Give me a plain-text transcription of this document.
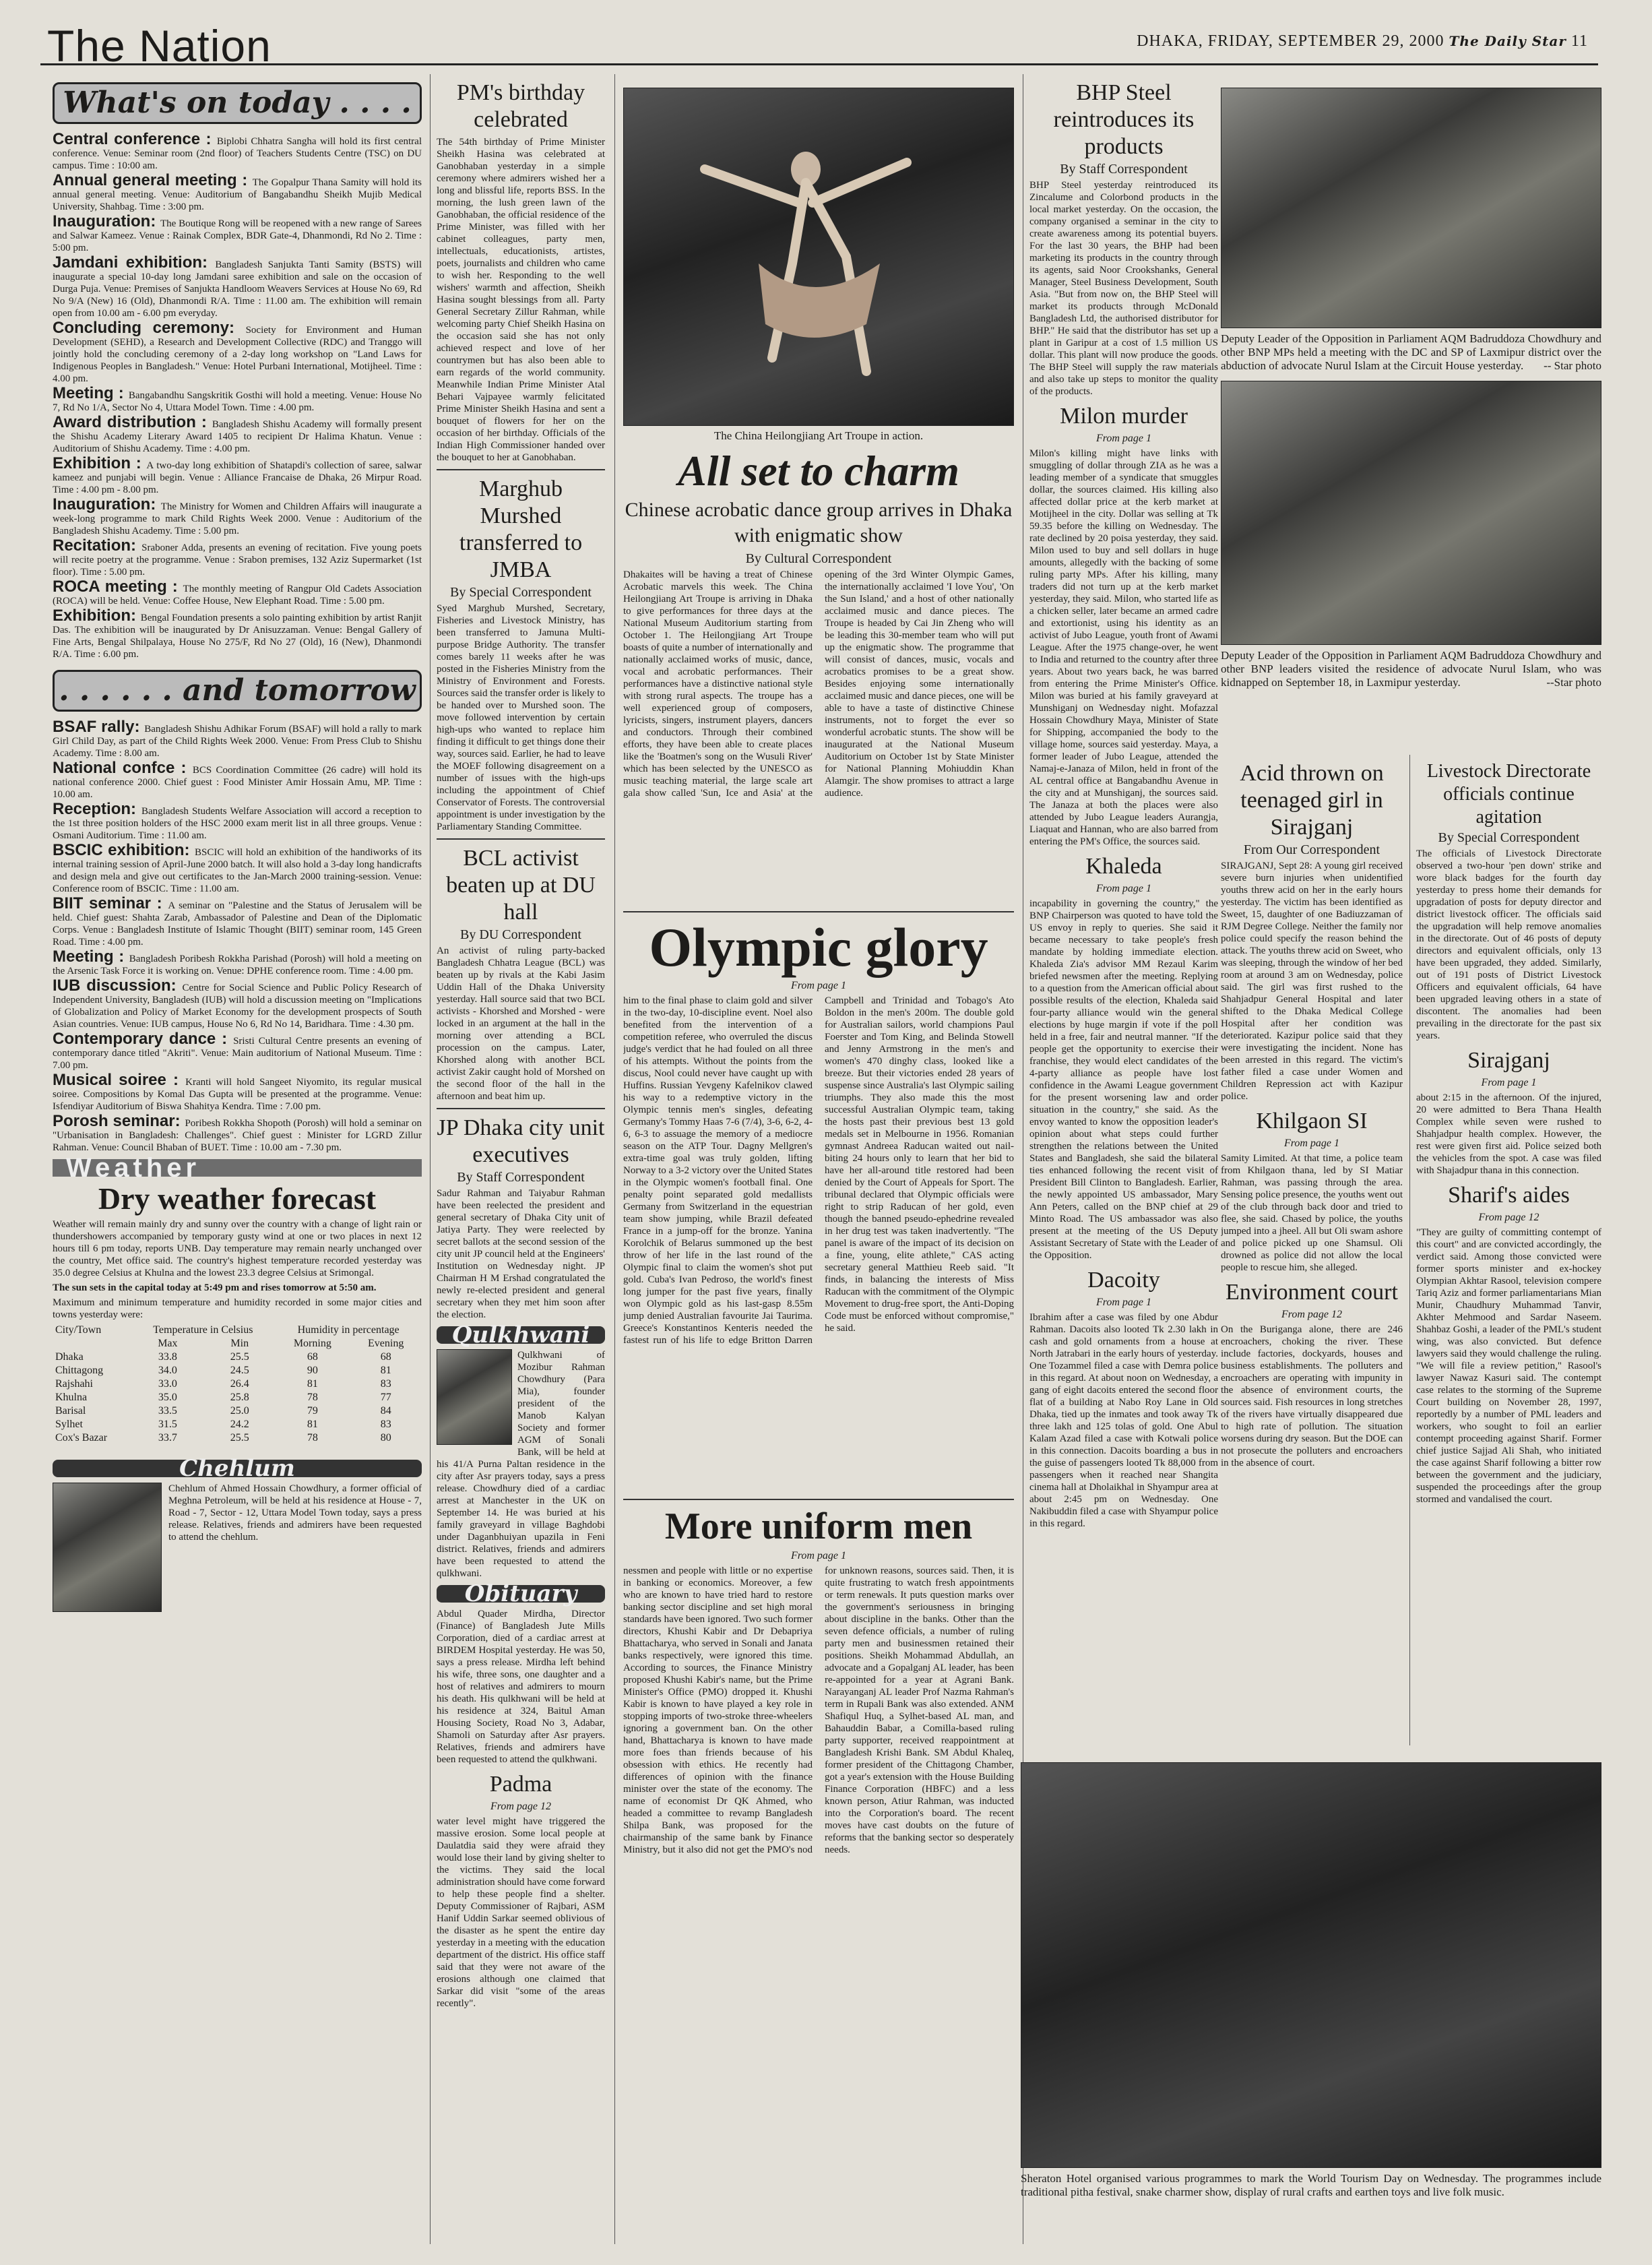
The Nation	DHAKA, FRIDAY, SEPTEMBER 29, 2000 The Daily Star 11
What's on today . . . .

Central conference : Biplobi Chhatra Sangha will hold its first central conference. Venue: Seminar room (2nd floor) of Teachers Students Centre (TSC) on DU campus. Time : 10:00 am.

Annual general meeting : The Gopalpur Thana Samity will hold its annual general meeting. Venue: Auditorium of Bangabandhu Sheikh Mujib Medical University, Shahbag. Time : 3:00 pm.

Inauguration: The Boutique Rong will be reopened with a new range of Sarees and Salwar Kameez. Venue : Rainak Complex, BDR Gate-4, Dhanmondi, Rd No 2. Time : 5:00 pm.

Jamdani exhibition: Bangladesh Sanjukta Tanti Samity (BSTS) will inaugurate a special 10-day long Jamdani saree exhibition and sale on the occasion of Durga Puja. Venue: Premises of Sanjukta Handloom Weavers Services at House No 69, Rd No 9/A (New) 16 (Old), Dhanmondi R/A. Time : 11.00 am. The exhibition will remain open from 10.00 am - 6.00 pm everyday.

Concluding ceremony: Society for Environment and Human Development (SEHD), a Research and Development Collective (RDC) and Tranggo will jointly hold the concluding ceremony of a 2-day long workshop on "Land Laws for Indigenous Peoples in Bangladesh." Venue: Hotel Purbani International, Motijheel. Time : 4.00 pm.

Meeting : Bangabandhu Sangskritik Gosthi will hold a meeting. Venue: House No 7, Rd No 1/A, Sector No 4, Uttara Model Town. Time : 4.00 pm.

Award distribution : Bangladesh Shishu Academy will formally present the Shishu Academy Literary Award 1405 to recipient Dr Halima Khatun. Venue : Auditorium of Shishu Academy. Time : 4.00 pm.

Exhibition : A two-day long exhibition of Shatapdi's collection of saree, salwar kameez and punjabi will begin. Venue : Alliance Francaise de Dhaka, 26 Mirpur Road. Time : 4.00 pm - 8.00 pm.

Inauguration: The Ministry for Women and Children Affairs will inaugurate a week-long programme to mark Child Rights Week 2000. Venue : Auditorium of the Bangladesh Shishu Academy. Time : 5.00 pm.

Recitation: Sraboner Adda, presents an evening of recitation. Five young poets will recite poetry at the programme. Venue : Srabon premises, 132 Aziz Supermarket (1st floor). Time : 5.00 pm.

ROCA meeting : The monthly meeting of Rangpur Old Cadets Association (ROCA) will be held. Venue: Coffee House, New Elephant Road. Time : 5.00 pm.

Exhibition: Bengal Foundation presents a solo painting exhibition by artist Ranjit Das. The exhibition will be inaugurated by Dr Anisuzzaman. Venue: Bengal Gallery of Fine Arts, Bengal Shilpalaya, House No 275/F, Rd No 27 (Old), 16 (New), Dhanmondi R/A. Time : 6.00 pm.

. . . . . . and tomorrow

BSAF rally: Bangladesh Shishu Adhikar Forum (BSAF) will hold a rally to mark Girl Child Day, as part of the Child Rights Week 2000. Venue: From Press Club to Shishu Academy. Time : 8.00 am.

National confce : BCS Coordination Committee (26 cadre) will hold its national conference 2000. Chief guest : Food Minister Amir Hossain Amu, MP. Time : 10.00 am.

Reception: Bangladesh Students Welfare Association will accord a reception to the 1st three position holders of the HSC 2000 exam merit list in all three groups. Venue : Osmani Auditorium. Time : 11.00 am.

BSCIC exhibition: BSCIC will hold an exhibition of the handiworks of its internal training session of April-June 2000 batch. It will also hold a 3-day long handicrafts and design mela and give out certificates to the Jan-March 2000 training-session. Venue: Conference room of BSCIC. Time : 11.00 am.

BIIT seminar : A seminar on "Palestine and the Status of Jerusalem will be held. Chief guest: Shahta Zarab, Ambassador of Palestine and Dean of the Diplomatic Corps. Venue : Bangladesh Institute of Islamic Thought (BIIT) seminar room, 145 Green Road. Time : 4.00 pm.

Meeting : Bangladesh Poribesh Rokkha Parishad (Porosh) will hold a meeting on the Arsenic Task Force it is working on. Venue: DPHE conference room. Time : 4.00 pm.

IUB discussion: Centre for Social Science and Public Policy Research of Independent University, Bangladesh (IUB) will hold a discussion meeting on "Implications of Globalization and Policy of Market Economy for the development prospects of South Asian countries. Venue: IUB campus, House No 6, Rd No 14, Baridhara. Time : 4.30 pm.

Contemporary dance : Sristi Cultural Centre presents an evening of contemporary dance titled "Akriti". Venue: Main auditorium of National Museum. Time : 7.00 pm.

Musical soiree : Kranti will hold Sangeet Niyomito, its regular musical soiree. Compositions by Komal Das Gupta will be presented at the programme. Venue: Isfendiyar Auditorium of Biswa Shahitya Kendra. Time : 7.00 pm.

Porosh seminar: Poribesh Rokkha Shopoth (Porosh) will hold a seminar on "Urbanisation in Bangladesh: Challenges". Chief guest : Minister for LGRD Zillur Rahman. Venue: Council Bhaban of BUET. Time : 10.00 am - 7.30 pm.

Weather
Dry weather forecast

Weather will remain mainly dry and sunny over the country with a change of light rain or thundershowers accompanied by temporary gusty wind at one or two places in next 12 hours till 6 pm today, reports UNB. Day temperature may remain nearly unchanged over the country, Met office said. The country's highest temperature recorded yesterday was 35.0 degree Celsius at Khulna and the lowest 23.3 degree Celsius at Srimongal.

The sun sets in the capital today at 5:49 pm and rises tomorrow at 5:50 am.

Maximum and minimum temperature and humidity recorded in some major cities and towns yesterday were:

City/Town	Temperature in Celsius		Humidity in percentage	
	Max	Min	Morning	Evening
Dhaka	33.8	25.5	68	68
Chittagong	34.0	24.5	90	81
Rajshahi	33.0	26.4	81	83
Khulna	35.0	25.8	78	77
Barisal	33.5	25.0	79	84
Sylhet	31.5	24.2	81	83
Cox's Bazar	33.7	25.5	78	80
Chehlum

Chehlum of Ahmed Hossain Chowdhury, a former official of Meghna Petroleum, will be held at his residence at House - 7, Road - 7, Sector - 12, Uttara Model Town today, says a press release. Relatives, friends and admirers have been requested to attend the chehlum.

PM's birthday celebrated

The 54th birthday of Prime Minister Sheikh Hasina was celebrated at Ganobhaban yesterday in a simple ceremony where admirers wished her a long and blissful life, reports BSS. In the morning, the lush green lawn of the Ganobhaban, the official residence of the Prime Minister, was filled with her cabinet colleagues, party men, intellectuals, educationists, artistes, poets, journalists and children who came to wish her. Responding to the well wishers' warmth and affection, Sheikh Hasina sought blessings from all. Party General Secretary Zillur Rahman, while welcoming party Chief Sheikh Hasina on the occasion said she has not only achieved respect and love of her countrymen but has also been able to earn regards of the world community. Meanwhile Indian Prime Minister Atal Behari Vajpayee warmly felicitated Prime Minister Sheikh Hasina and sent a bouquet of flowers for her on the occasion of her birthday. Officials of the Indian High Commissioner handed over the bouquet to her at Ganobhaban.

Marghub Murshed transferred to JMBA
By Special Correspondent

Syed Marghub Murshed, Secretary, Fisheries and Livestock Ministry, has been transferred to Jamuna Multi-purpose Bridge Authority. The transfer comes barely 11 weeks after he was posted in the Fisheries Ministry from the Ministry of Environment and Forests. Sources said the transfer order is likely to be handed over to Murshed soon. The move followed intervention by certain high-ups who wanted to replace him finding it difficult to get things done their way, sources said. Earlier, he had to leave the MOEF following disagreement on a number of issues with the high-ups including the appointment of Chief Conservator of Forests. The controversial appointment is under investigation by the Parliamentary Standing Committee.

BCL activist beaten up at DU hall
By DU Correspondent

An activist of ruling party-backed Bangladesh Chhatra League (BCL) was beaten up by rivals at the Kabi Jasim Uddin Hall of the Dhaka University yesterday. Hall source said that two BCL activists - Khorshed and Morshed - were locked in an argument at the hall in the morning over attending a BCL procession on the campus. Later, Khorshed along with another BCL activist Zakir caught hold of Morshed on the second floor of the hall in the afternoon and beat him up.

JP Dhaka city unit executives
By Staff Correspondent

Sadur Rahman and Taiyabur Rahman have been reelected the president and general secretary of Dhaka City unit of Jatiya Party. They were reelected by secret ballots at the second session of the city unit JP council held at the Engineers' Institution on Wednesday night. JP Chairman H M Ershad congratulated the newly re-elected president and general secretary when they met him soon after the election.

Qulkhwani

Qulkhwani of Mozibur Rahman Chowdhury (Para Mia), founder president of the Manob Kalyan Society and former AGM of Sonali Bank, will be held at his 41/A Purna Paltan residence in the city after Asr prayers today, says a press release. Chowdhury died of a cardiac arrest at Manchester in the UK on September 14. He was buried at his family graveyard in village Baghdobi under Daganbhuiyan upazila in Feni district. Relatives, friends and admirers have been requested to attend the qulkhwani.

Obituary

Abdul Quader Mirdha, Director (Finance) of Bangladesh Jute Mills Corporation, died of a cardiac arrest at BIRDEM Hospital yesterday. He was 50, says a press release. Mirdha left behind his wife, three sons, one daughter and a host of relatives and admirers to mourn his death. His qulkhwani will be held at his residence at 324, Baitul Aman Housing Society, Road No 3, Adabar, Shamoli on Saturday after Asr prayers. Relatives, friends and admirers have been requested to attend the qulkhwani.

Padma
From page 12

water level might have triggered the massive erosion. Some local people at Daulatdia said they were afraid they would lose their land by giving shelter to the victims. They said the local administration should have come forward to help these people find a shelter. Deputy Commissioner of Rajbari, ASM Hanif Uddin Sarkar seemed oblivious of the disaster as he spent the entire day yesterday in a meeting with the education department of the district. His office staff said that they were not aware of the erosions although one claimed that Sarkar did visit "some of the areas recently".

The China Heilongjiang Art Troupe in action.
All set to charm
Chinese acrobatic dance group arrives in Dhaka with enigmatic show
By Cultural Correspondent

Dhakaites will be having a treat of Chinese Acrobatic marvels this week. The China Heilongjiang Art Troupe is arriving in Dhaka to give performances for three days at the National Museum Auditorium starting from October 1. The Heilongjiang Art Troupe boasts of quite a number of internationally and nationally acclaimed works of music, dance, vocal and acrobatic performances. Their performances have a distinctive national style with strong rural aspects. The troupe has a well experienced group of composers, lyricists, singers, instrument players, dancers and conductors. Through their combined efforts, they have been able to create places like the 'Boatmen's song on the Wusuli River' which has been selected by the UNESCO as music teaching material, the large scale art gala show called 'Sun, Ice and Asia' at the opening of the 3rd Winter Olympic Games, the internationally acclaimed 'I love You', 'On the Sun Island,' and a host of other nationally acclaimed music and dance pieces. The Troupe is headed by Cai Jin Zheng who will be leading this 30-member team who will put up the enigmatic show. The programme that will consist of dances, music, vocals and acrobatics promises to be a great show. Besides enjoying some internationally acclaimed music and dance pieces, one will be able to have a taste of distinctive Chinese instruments, not to forget the ever so wonderful acrobatic stunts. The show will be inaugurated at the National Museum Auditorium on October 1st by State Minister for National Planning Mohiuddin Khan Alamgir. The show promises to attract a large audience.

Olympic glory
From page 1

him to the final phase to claim gold and silver in the two-day, 10-discipline event. Noel also benefited from the intervention of a competition referee, who overruled the discus judge's verdict that he had fouled on all three of his attempts. Without the points from the discus, Nool could never have caught up with Huffins. Russian Yevgeny Kafelnikov clawed his way to a redemptive victory in the Olympic tennis men's singles, defeating Germany's Tommy Haas 7-6 (7/4), 3-6, 6-2, 4-6, 6-3 to assuage the memory of a mediocre season on the ATP Tour. Dagny Mellgren's extra-time goal was truly golden, lifting Norway to a 3-2 victory over the United States in the Olympic women's football final. One penalty point separated gold medallists Germany from Switzerland in the equestrian team show jumping, while Brazil defeated France in a jump-off for the bronze. Yanina Korolchik of Belarus summoned up the best throw of her life in the last round of the Olympic final to claim the women's shot put gold. Cuba's Ivan Pedroso, the world's finest long jumper for the past five years, finally won Olympic gold as his last-gasp 8.55m jump denied Australian favourite Jai Taurima. Greece's Konstantinos Kenteris needed the fastest run of his life to edge Britton Darren Campbell and Trinidad and Tobago's Ato Boldon in the men's 200m. The double gold for Australian sailors, world champions Paul Foerster and Tom King, and Belinda Stowell and Jenny Armstrong in the men's and women's 470 dinghy class, looked like a breeze. But their victories ended 28 years of suspense since Australia's last Olympic sailing triumphs. They also made this the most successful Australian Olympic team, taking the hosts past their previous best 13 gold medals set in Melbourne in 1956. Romanian gymnast Andreea Raducan waited out nail-biting 24 hours only to learn that her bid to have her all-around title restored had been denied by the Court of Appeals for Sport. The tribunal declared that Olympic officials were right to strip Raducan of her gold, even though the banned pseudo-ephedrine revealed in her drug test was taken inadvertently. "The panel is aware of the impact of its decision on a fine, young, elite athlete," CAS acting secretary general Matthieu Reeb said. "It finds, in balancing the interests of Miss Raducan with the commitment of the Olympic Movement to drug-free sport, the Anti-Doping Code must be enforced without compromise," he said.

More uniform men
From page 1

nessmen and people with little or no expertise in banking or economics. Moreover, a few who are known to have tried hard to restore banking sector discipline and set high moral standards have been ignored. Two such former directors, Khushi Kabir and Dr Debapriya Bhattacharya, who served in Sonali and Janata banks respectively, were ignored this time. According to sources, the Finance Ministry proposed Khushi Kabir's name, but the Prime Minister's Office (PMO) dropped it. Khushi Kabir is known to have played a key role in stopping imports of two-stroke three-wheelers ignoring a government ban. On the other hand, Bhattacharya is known to have made more foes than friends because of his obsession with ethics. He recently had differences of opinion with the finance minister over the state of the economy. The name of economist Dr QK Ahmed, who headed a committee to revamp Bangladesh Shilpa Bank, was proposed for the chairmanship of the same bank by Finance Ministry, but it also did not get the PMO's nod for unknown reasons, sources said. Then, it is quite frustrating to watch fresh appointments or term renewals. It puts question marks over the government's seriousness in bringing about discipline in the banks. Other than the seven defence officials, a number of ruling party men and businessmen retained their positions. Sheikh Mohammad Abdullah, an advocate and a Gopalganj AL leader, has been re-appointed for a year at Agrani Bank. Narayanganj AL leader Prof Nazma Rahman's term in Rupali Bank was also extended. ANM Shafiqul Huq, a Sylhet-based AL man, and Bahauddin Babar, a Comilla-based ruling party supporter, received reappointment at Bangladesh Krishi Bank. SM Abdul Khaleq, former president of the Chittagong Chamber, got a year's extension with the House Building Finance Corporation (HBFC) and a less known person, Atiur Rahman, was inducted into the Corporation's board. The recent moves have cast doubts on the future of reforms that the banking sector so desperately needs.

BHP Steel reintroduces its products
By Staff Correspondent

BHP Steel yesterday reintroduced its Zincalume and Colorbond products in the local market yesterday. On the occasion, the company organised a seminar in the city to create awareness among its potential buyers. For the last 30 years, the BHP had been marketing its products in the country through its agents, said Noor Crookshanks, General Manager, Steel Business Development, South Asia. "But from now on, the BHP Steel will market its products through McDonald Bangladesh Ltd, the authorised distributor for BHP." He said that the distributor has set up a plant in Garipur at a cost of 1.5 million US dollar. This plant will now produce the goods. The BHP Steel will supply the raw materials and also take up steps to monitor the quality of the products.

Milon murder
From page 1

Milon's killing might have links with smuggling of dollar through ZIA as he was a leading member of a syndicate that smuggles dollar, the sources claimed. His killing also affected dollar price at the kerb market at Motijheel in the city. Dollar was selling at Tk 59.35 before the killing on Wednesday. The rate declined by 20 poisa yesterday, they said. Milon used to buy and sell dollars in huge amounts, allegedly with the backing of some ruling party MPs. After his killing, many traders did not turn up at the kerb market yesterday, they said. Milon, who started life as a chicken seller, later became an armed cadre and extortionist, using his identity as an activist of Jubo League, youth front of Awami League. After the 1975 change-over, he went to India and returned to the country after three years. About two years back, he was barred from entering the Prime Minister's Office. Milon was buried at his family graveyard at Munshiganj on Wednesday night. Mofazzal Hossain Chowdhury Maya, Minister of State for Shipping, accompanied the body to the village home, sources said yesterday. Maya, a former leader of Jubo League, attended the Namaj-e-Janaza of Milon, held in front of the AL central office at Bangabandhu Avenue in the city and at Munshiganj, the sources said. The Janaza at both the places were also attended by Jubo League leaders Aurangja, Liaquat and Hannan, who are also barred from entering the PM's Office, the sources said.

Khaleda
From page 1

incapability in governing the country," the BNP Chairperson was quoted to have told the US envoy in reply to queries. She said it became necessary to take people's fresh mandate by holding immediate election. Khaleda Zia's advisor MM Rezaul Karim briefed newsmen after the meeting. Replying to a question from the American official about possible results of the election, Khaleda said four-party alliance would win the general elections by huge margin if vote if the poll held in a free, fair and neutral manner. "If the people get the opportunity to exercise their franchise, they would elect candidates of the 4-party alliance as people have lost confidence in the Awami League government for the present worsening law and order situation in the country," she said. As the envoy wanted to know the opposition leader's opinion about what steps could further strengthen the relations between the United States and Bangladesh, she said the bilateral ties enhanced following the recent visit of President Bill Clinton to Bangladesh. Earlier, the newly appointed US ambassador, Mary Ann Peters, called on the BNP chief at 29 Minto Road. The US ambassador was also present at the meeting of the US Deputy Assistant Secretary of State with the Leader of the Opposition.

Dacoity
From page 1

Ibrahim after a case was filed by one Abdur Rahman. Dacoits also looted Tk 2.30 lakh in cash and gold ornaments from a house at North Jatrabari in the early hours of yesterday. One Tozammel filed a case with Demra police in this regard. At about noon on Wednesday, a gang of eight dacoits entered the second floor flat of a building at Nabo Roy Lane in Old Dhaka, tied up the inmates and took away Tk three lakh and 125 tolas of gold. One Abul Kalam Azad filed a case with Kotwali police in this connection. Dacoits boarding a bus in the guise of passengers looted Tk 88,000 from passengers when it reached near Shangita cinema hall at Dholaikhal in Shyampur area at about 2:45 pm on Wednesday. One Nakibuddin filed a case with Shyampur police in this regard.

Deputy Leader of the Opposition in Parliament AQM Badruddoza Chowdhury and other BNP MPs held a meeting with the DC and SP of Laxmipur district over the abduction of advocate Nurul Islam at the Circuit House yesterday. -- Star photo
Deputy Leader of the Opposition in Parliament AQM Badruddoza Chowdhury and other BNP leaders visited the residence of advocate Nurul Islam, who was kidnapped on September 18, in Laxmipur yesterday.	--Star photo
Acid thrown on teenaged girl in Sirajganj
From Our Correspondent

SIRAJGANJ, Sept 28: A young girl received severe burn injuries when unidentified youths threw acid on her in the early hours yesterday. The victim has been identified as Sweet, 15, daughter of one Badiuzzaman of RJM Degree College. Neither the family nor police could specify the reason behind the attack. The youths threw acid on Sweet, who was sleeping, through the window of her bed room at around 3 am on Wednesday, police said. The girl was first rushed to the Shahjadpur General Hospital and later shifted to the Dhaka Medical College Hospital after her condition was deteriorated. Kazipur police said that they were investigating the incident. None has been arrested in this regard. The victim's father filed a case under Women and Children Repression act with Kazipur police.

Khilgaon SI
From page 1

Samity Limited. At that time, a police team from Khilgaon thana, led by SI Matiar Rahman, was passing through the area. Sensing police presence, the youths went out of the club through back door and tried to flee, she said. Chased by police, the youths jumped into a jheel. All but Oli swam ashore and police picked up one Shamsul. Oli drowned as police did not allow the local people to rescue him, she alleged.

Environment court
From page 12

On the Buriganga alone, there are 246 encroachers, choking the river. These include factories, dockyards, houses and business establishments. The polluters and encroachers are operating with impunity in the absence of environment courts, the sources said. Fish resources in long stretches of the rivers have virtually disappeared due to high rate of pollution. The situation worsens during dry season. But the DOE can not prosecute the polluters and encroachers in the absence of court.

Livestock Directorate officials continue agitation
By Special Correspondent

The officials of Livestock Directorate observed a two-hour 'pen down' strike and wore black badges for the fourth day yesterday to press home their demands for upgradation of posts for deputy director and district livestock officer. The officials said the upgradation will help remove anomalies in the directorate. Out of 46 posts of deputy directors and equivalent officials, only 13 have been upgraded, they added. Similarly, out of 191 posts of District Livestock Officers and equivalent officials, 64 have been upgraded leaving others in a state of discontent. The anomalies had been prevailing in the directorate for the past six years.

Sirajganj
From page 1

about 2:15 in the afternoon. Of the injured, 20 were admitted to Bera Thana Health Complex while seven were rushed to Shahjadpur health complex. However, the rest were given first aid. Police seized both the vehicles from the spot. A case was filed with Shajadpur thana in this connection.

Sharif's aides
From page 12

"They are guilty of committing contempt of this court" and are convicted accordingly, the verdict said. Among those convicted were former sports minister and ex-hockey Olympian Akhtar Rasool, television compere Tariq Aziz and former parliamentarians Mian Munir, Chaudhury Muhammad Tanvir, Akhter Mehmood and Sardar Naseem. Shahbaz Goshi, a leader of the PML's student wing, was also convicted. But defence lawyers said they would challenge the ruling. "We will file a review petition," Rasool's lawyer Nawaz Kasuri said. The contempt case relates to the storming of the Supreme Court building on November 28, 1997, reportedly by a number of PML leaders and workers, who sought to foil an earlier contempt proceeding against Sharif. Former chief justice Sajjad Ali Shah, who initiated the case against Sharif following a bitter row between the government and the judiciary, suspended the proceedings after the group stormed and vandalised the court.

Sheraton Hotel organised various programmes to mark the World Tourism Day on Wednesday. The programmes include traditional pitha festival, snake charmer show, display of rural crafts and earthen toys and live folk music.
